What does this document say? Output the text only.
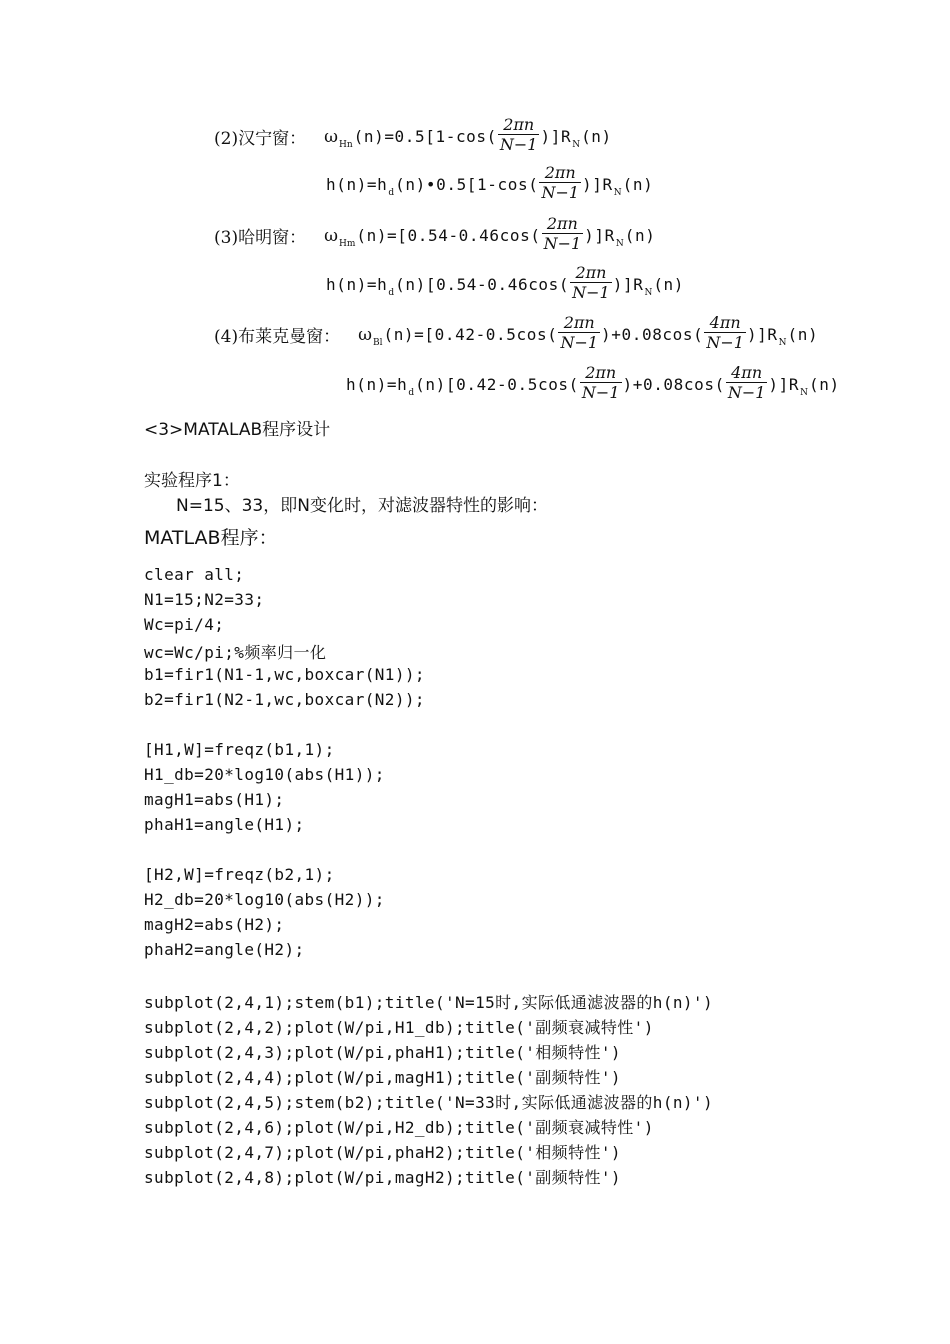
(2)汉宁窗： ω Hn $(n)=0.5[1-\cos( \frac{2\pi n}{N-1} )]R$ N (n)
h(n)=h d (n)•0.5[1-cos( $\frac{2\pi n}{N-1} )]R$ N (n)
(3)哈明窗： ω Hm $(n)=[0.54-0.46\cos( \frac{2\pi n}{N-1} )]R$ N (n)
h(n)=h d $(n)[0.54-0.46\cos( \frac{2\pi n}{N-1} )]R$ N (n)
(4)布莱克曼窗： ω Bl $(n)=[0.42-0.5\cos( \frac{2\pi n}{N-1} )+0.08\cos( \frac{4\pi n}{N-1} )]R$ N (n)
h(n)=h d $(n)[0.42-0.5\cos( \frac{2\pi n}{N-1} )+0.08\cos( \frac{4\pi n}{N-1} )]R$ N (n)
<3>MATALAB程序设计
实验程序1：
N=15、33，即N变化时，对滤波器特性的影响：
MATLAB程序：
clear all;
N1=15;N2=33;
Wc=pi/4;
wc=Wc/pi;%频率归一化
b1=fir1(N1-1,wc,boxcar(N1));
b2=fir1(N2-1,wc,boxcar(N2));
[H1,W]=freqz(b1,1);
H1_db=20*log10(abs(H1));
magH1=abs(H1);
phaH1=angle(H1);
[H2,W]=freqz(b2,1);
H2_db=20*log10(abs(H2));
magH2=abs(H2);
phaH2=angle(H2);
subplot(2,4,1);stem(b1);title('N=15时,实际低通滤波器的h(n)')
subplot(2,4,2);plot(W/pi,H1_db);title('副频衰减特性')
subplot(2,4,3);plot(W/pi,phaH1);title('相频特性')
subplot(2,4,4);plot(W/pi,magH1);title('副频特性')
subplot(2,4,5);stem(b2);title('N=33时,实际低通滤波器的h(n)')
subplot(2,4,6);plot(W/pi,H2_db);title('副频衰减特性')
subplot(2,4,7);plot(W/pi,phaH2);title('相频特性')
subplot(2,4,8);plot(W/pi,magH2);title('副频特性')
